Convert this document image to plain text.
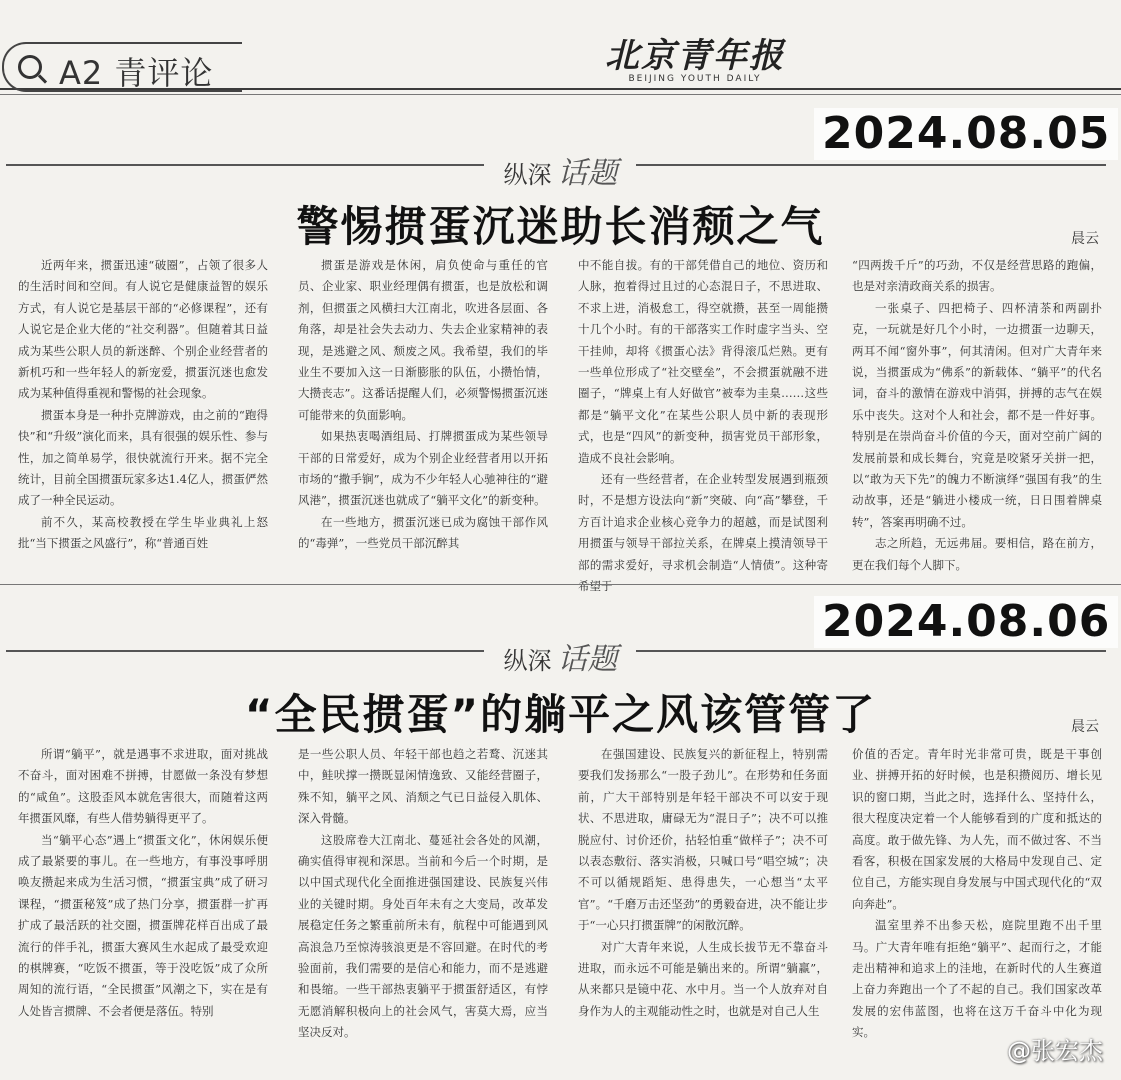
A2 青评论	北京青年报
BEIJING YOUTH DAILY
2024.08.05
纵深 话题
警惕掼蛋沉迷助长消颓之气	晨云

近两年来，掼蛋迅速“破圈”，占领了很多人的生活时间和空间。有人说它是健康益智的娱乐方式，有人说它是基层干部的“必修课程”，还有人说它是企业大佬的“社交利器”。但随着其日益成为某些公职人员的新迷醉、个别企业经营者的新机巧和一些年轻人的新宠爱，掼蛋沉迷也愈发成为某种值得重视和警惕的社会现象。

掼蛋本身是一种扑克牌游戏，由之前的“跑得快”和“升级”演化而来，具有很强的娱乐性、参与性，加之简单易学，很快就流行开来。据不完全统计，目前全国掼蛋玩家多达1.4亿人，掼蛋俨然成了一种全民运动。

前不久，某高校教授在学生毕业典礼上怒批“当下掼蛋之风盛行”，称“普通百姓

掼蛋是游戏是休闲，肩负使命与重任的官员、企业家、职业经理偶有掼蛋，也是放松和调剂，但掼蛋之风横扫大江南北，吹进各层面、各角落，却是社会失去动力、失去企业家精神的表现，是逃避之风、颓废之风。我希望，我们的毕业生不要加入这一日渐膨胀的队伍，小攒怡情，大攒丧志”。这番话提醒人们，必须警惕掼蛋沉迷可能带来的负面影响。

如果热衷喝酒组局、打牌掼蛋成为某些领导干部的日常爱好，成为个别企业经营者用以开拓市场的“撒手锏”，成为不少年轻人心驰神往的“避风港”，掼蛋沉迷也就成了“躺平文化”的新变种。

在一些地方，掼蛋沉迷已成为腐蚀干部作风的“毒弹”，一些党员干部沉醉其

中不能自拔。有的干部凭借自己的地位、资历和人脉，抱着得过且过的心态混日子，不思进取、不求上进，消极怠工，得空就攒，甚至一周能攒十几个小时。有的干部落实工作时虚字当头、空干挂帅，却将《掼蛋心法》背得滚瓜烂熟。更有一些单位形成了“社交壁垒”，不会掼蛋就融不进圈子，“牌桌上有人好做官”被奉为圭臬……这些都是“躺平文化”在某些公职人员中新的表现形式，也是“四风”的新变种，损害党员干部形象，造成不良社会影响。

还有一些经营者，在企业转型发展遇到瓶颈时，不是想方设法向“新”突破、向“高”攀登，千方百计追求企业核心竞争力的超越，而是试图利用掼蛋与领导干部拉关系，在牌桌上摸清领导干部的需求爱好，寻求机会制造“人情债”。这种寄希望于

“四两拨千斤”的巧劲，不仅是经营思路的跑偏，也是对亲清政商关系的损害。

一张桌子、四把椅子、四杯清茶和两副扑克，一玩就是好几个小时，一边掼蛋一边聊天，两耳不闻“窗外事”，何其清闲。但对广大青年来说，当掼蛋成为“佛系”的新载体、“躺平”的代名词，奋斗的激情在游戏中消弭，拼搏的志气在娱乐中丧失。这对个人和社会，都不是一件好事。特别是在崇尚奋斗价值的今天，面对空前广阔的发展前景和成长舞台，究竟是咬紧牙关拼一把，以“敢为天下先”的魄力不断演绎“强国有我”的生动故事，还是“躺进小楼成一统，日日围着牌桌转”，答案再明确不过。

志之所趋，无远弗届。要相信，路在前方，更在我们每个人脚下。

2024.08.06
纵深 话题
“全民掼蛋”的躺平之风该管管了	晨云

所谓“躺平”，就是遇事不求进取，面对挑战不奋斗，面对困难不拼搏，甘愿做一条没有梦想的“咸鱼”。这股歪风本就危害很大，而随着这两年掼蛋风靡，有些人借势躺得更平了。

当“躺平心态”遇上“掼蛋文化”，休闲娱乐便成了最紧要的事儿。在一些地方，有事没事呼朋唤友攒起来成为生活习惯，“掼蛋宝典”成了研习课程，“掼蛋秘笈”成了热门分享，掼蛋群一扩再扩成了最活跃的社交圈，掼蛋牌花样百出成了最流行的伴手礼，掼蛋大赛风生水起成了最受欢迎的棋牌赛，“吃饭不掼蛋，等于没吃饭”成了众所周知的流行语，“全民掼蛋”风潮之下，实在是有人处皆言掼牌、不会者便是落伍。特别

是一些公职人员、年轻干部也趋之若鹜、沉迷其中，鲑吠撑一攒既显闲情逸致、又能经营圈子，殊不知，躺平之风、消颓之气已日益侵入肌体、深入骨髓。

这股席卷大江南北、蔓延社会各处的风潮，确实值得审视和深思。当前和今后一个时期，是以中国式现代化全面推进强国建设、民族复兴伟业的关键时期。身处百年未有之大变局，改革发展稳定任务之繁重前所未有，航程中可能遇到风高浪急乃至惊涛骇浪更是不容回避。在时代的考验面前，我们需要的是信心和能力，而不是逃避和畏缩。一些干部热衷躺平于掼蛋舒适区，有悖无愿消解积极向上的社会风气，害莫大焉，应当坚决反对。

在强国建设、民族复兴的新征程上，特别需要我们发扬那么“一股子劲儿”。在形势和任务面前，广大干部特别是年轻干部决不可以安于现状、不思进取，庸碌无为“混日子”；决不可以推脱应付、讨价还价，拈轻怕重“做样子”；决不可以表态敷衍、落实消极，只喊口号“唱空城”；决不可以循规蹈矩、患得患失，一心想当“太平官”。“千磨万击还坚劲”的勇毅奋进，决不能让步于“一心只打掼蛋牌”的闲散沉醉。

对广大青年来说，人生成长拔节无不靠奋斗进取，而永远不可能是躺出来的。所谓“躺赢”，从来都只是镜中花、水中月。当一个人放弃对自身作为人的主观能动性之时，也就是对自己人生

价值的否定。青年时光非常可贵，既是干事创业、拼搏开拓的好时候，也是积攒阅历、增长见识的窗口期，当此之时，选择什么、坚持什么，很大程度决定着一个人能够看到的广度和抵达的高度。敢于做先锋、为人先，而不做过客、不当看客，积极在国家发展的大格局中发现自己、定位自己，方能实现自身发展与中国式现代化的“双向奔赴”。

温室里养不出参天松，庭院里跑不出千里马。广大青年唯有拒绝“躺平”、起而行之，才能走出精神和追求上的洼地，在新时代的人生赛道上奋力奔跑出一个了不起的自己。我们国家改革发展的宏伟蓝图，也将在这万千奋斗中化为现实。

@张宏杰
